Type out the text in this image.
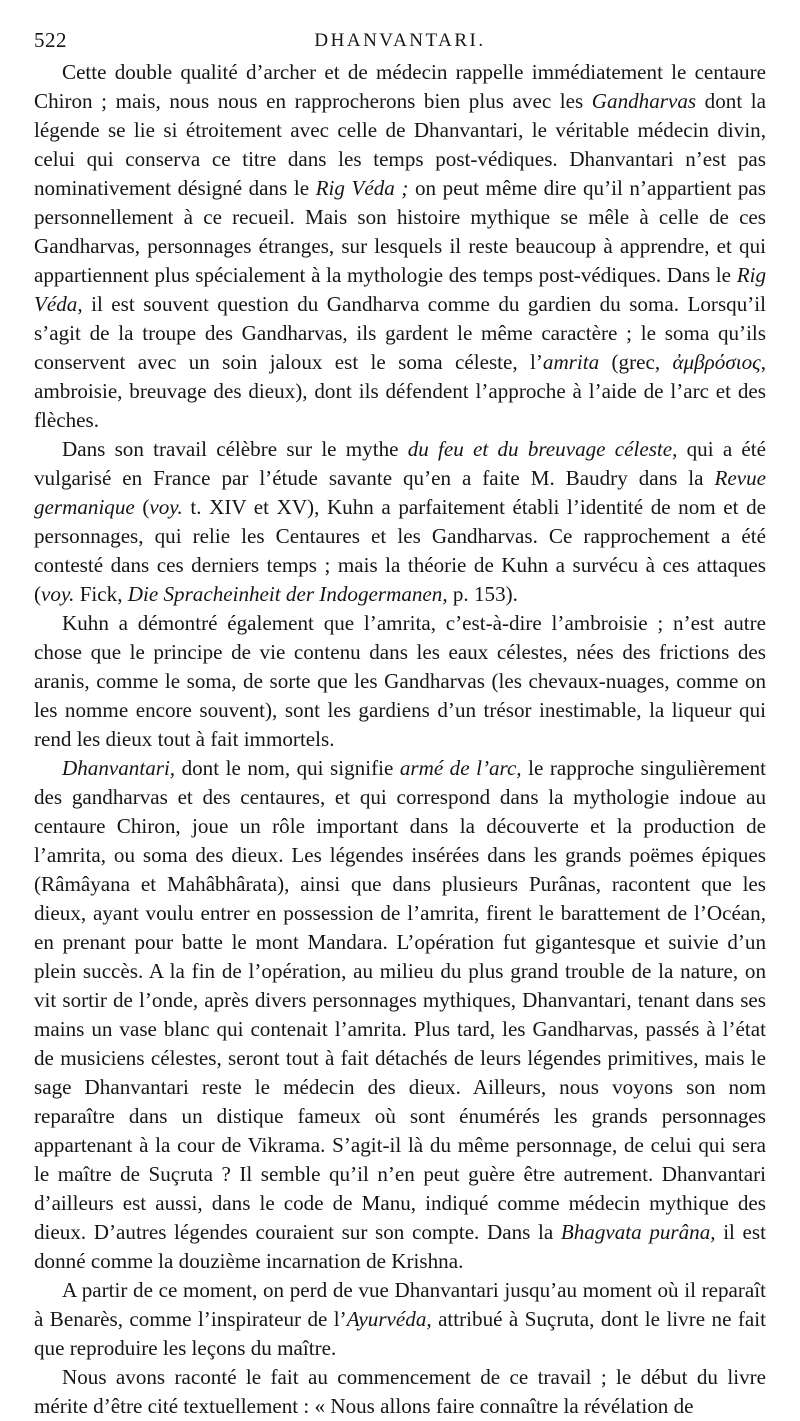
522	DHANVANTARI.

Cette double qualité d’archer et de médecin rappelle immédiatement le centaure Chiron ; mais, nous nous en rapprocherons bien plus avec les Gandharvas dont la légende se lie si étroitement avec celle de Dhanvantari, le véritable médecin divin, celui qui conserva ce titre dans les temps post-védiques. Dhanvantari n’est pas nominativement désigné dans le Rig Véda ; on peut même dire qu’il n’appartient pas personnellement à ce recueil. Mais son histoire mythique se mêle à celle de ces Gandharvas, personnages étranges, sur lesquels il reste beaucoup à apprendre, et qui appartiennent plus spécialement à la mythologie des temps post-védiques. Dans le Rig Véda, il est souvent question du Gandharva comme du gardien du soma. Lorsqu’il s’agit de la troupe des Gandharvas, ils gardent le même caractère ; le soma qu’ils conservent avec un soin jaloux est le soma céleste, l’amrita (grec, ἀμβρόσιος, ambroisie, breuvage des dieux), dont ils défendent l’approche à l’aide de l’arc et des flèches.

Dans son travail célèbre sur le mythe du feu et du breuvage céleste, qui a été vulgarisé en France par l’étude savante qu’en a faite M. Baudry dans la Revue germanique (voy. t. XIV et XV), Kuhn a parfaitement établi l’identité de nom et de personnages, qui relie les Centaures et les Gandharvas. Ce rapprochement a été contesté dans ces derniers temps ; mais la théorie de Kuhn a survécu à ces attaques (voy. Fick, Die Spracheinheit der Indogermanen, p. 153).

Kuhn a démontré également que l’amrita, c’est-à-dire l’ambroisie ; n’est autre chose que le principe de vie contenu dans les eaux célestes, nées des frictions des aranis, comme le soma, de sorte que les Gandharvas (les chevaux-nuages, comme on les nomme encore souvent), sont les gardiens d’un trésor inestimable, la liqueur qui rend les dieux tout à fait immortels.

Dhanvantari, dont le nom, qui signifie armé de l’arc, le rapproche singulièrement des gandharvas et des centaures, et qui correspond dans la mythologie indoue au centaure Chiron, joue un rôle important dans la découverte et la production de l’amrita, ou soma des dieux. Les légendes insérées dans les grands poëmes épiques (Râmâyana et Mahâbhârata), ainsi que dans plusieurs Purânas, racontent que les dieux, ayant voulu entrer en possession de l’amrita, firent le barattement de l’Océan, en prenant pour batte le mont Mandara. L’opération fut gigantesque et suivie d’un plein succès. A la fin de l’opération, au milieu du plus grand trouble de la nature, on vit sortir de l’onde, après divers personnages mythiques, Dhanvantari, tenant dans ses mains un vase blanc qui contenait l’amrita. Plus tard, les Gandharvas, passés à l’état de musiciens célestes, seront tout à fait détachés de leurs légendes primitives, mais le sage Dhanvantari reste le médecin des dieux. Ailleurs, nous voyons son nom reparaître dans un distique fameux où sont énumérés les grands personnages appartenant à la cour de Vikrama. S’agit-il là du même personnage, de celui qui sera le maître de Suçruta ? Il semble qu’il n’en peut guère être autrement. Dhanvantari d’ailleurs est aussi, dans le code de Manu, indiqué comme médecin mythique des dieux. D’autres légendes couraient sur son compte. Dans la Bhagvata purâna, il est donné comme la douzième incarnation de Krishna.

A partir de ce moment, on perd de vue Dhanvantari jusqu’au moment où il reparaît à Benarès, comme l’inspirateur de l’Ayurvéda, attribué à Suçruta, dont le livre ne fait que reproduire les leçons du maître.

Nous avons raconté le fait au commencement de ce travail ; le début du livre mérite d’être cité textuellement : « Nous allons faire connaître la révélation de
